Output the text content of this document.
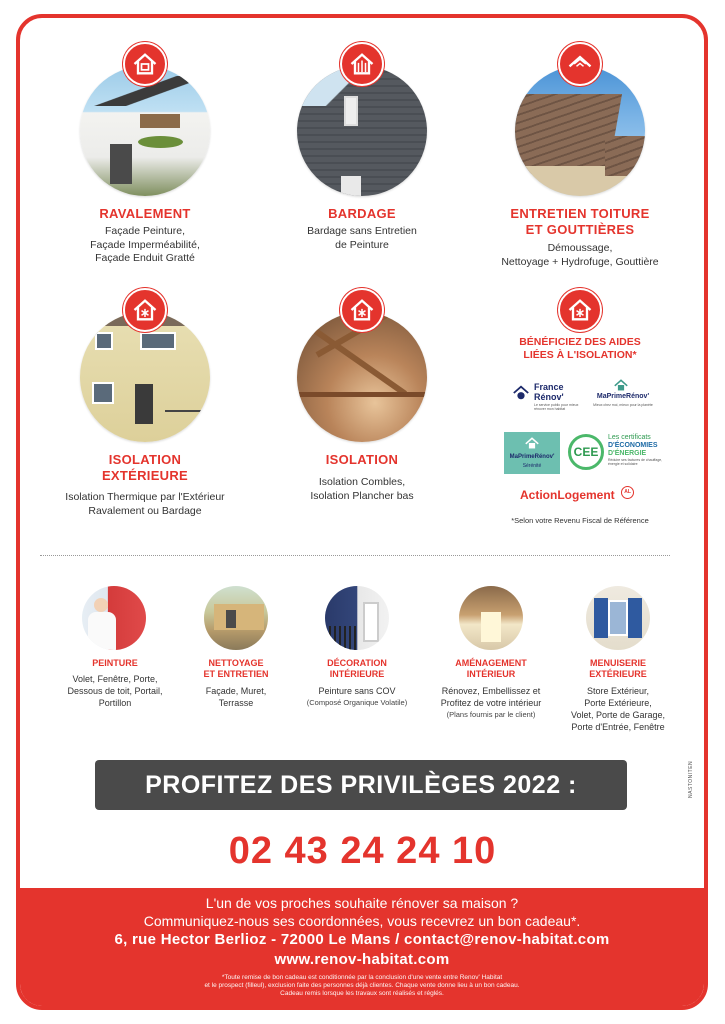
RAVALEMENT
Façade Peinture,
Façade Imperméabilité,
Façade Enduit Gratté
BARDAGE
Bardage sans Entretien
de Peinture
ENTRETIEN TOITURE
ET GOUTTIÈRES
Démoussage,
Nettoyage + Hydrofuge, Gouttière
ISOLATION
EXTÉRIEURE
Isolation Thermique par l'Extérieur
Ravalement ou Bardage
ISOLATION
Isolation Combles,
Isolation Plancher bas
BÉNÉFICIEZ DES AIDES
LIÉES À L'ISOLATION*
France
Rénov'
Le service public pour mieux rénover mon habitat
MaPrimeRénov'
Mieux chez moi, mieux pour la planète
MaPrimeRénov'
Sérénité
CEE
Les certificats
D'ÉCONOMIES
D'ÉNERGIE
Réduire ses factures de chauffage, énergie et solidaire
ActionLogement AL
*Selon votre Revenu Fiscal de Référence
PEINTURE
Volet, Fenêtre, Porte,
Dessous de toit, Portail,
Portillon
NETTOYAGE
ET ENTRETIEN
Façade, Muret,
Terrasse
DÉCORATION
INTÉRIEURE
Peinture sans COV
(Composé Organique Volatile)
AMÉNAGEMENT
INTÉRIEUR
Rénovez, Embellissez et
Profitez de votre intérieur
(Plans fournis par le client)
MENUISERIE
EXTÉRIEURE
Store Extérieur,
Porte Extérieure,
Volet, Porte de Garage,
Porte d'Entrée, Fenêtre
PROFITEZ DES PRIVILÈGES 2022 :	NASTONITEN
02 43 24 24 10
L'un de vos proches souhaite rénover sa maison ?
Communiquez-nous ses coordonnées, vous recevrez un bon cadeau*.
6, rue Hector Berlioz - 72000 Le Mans / contact@renov-habitat.com
www.renov-habitat.com
*Toute remise de bon cadeau est conditionnée par la conclusion d'une vente entre Renov' Habitat
et le prospect (filleul), exclusion faite des personnes déjà clientes. Chaque vente donne lieu à un bon cadeau.
Cadeau remis lorsque les travaux sont réalisés et réglés.
